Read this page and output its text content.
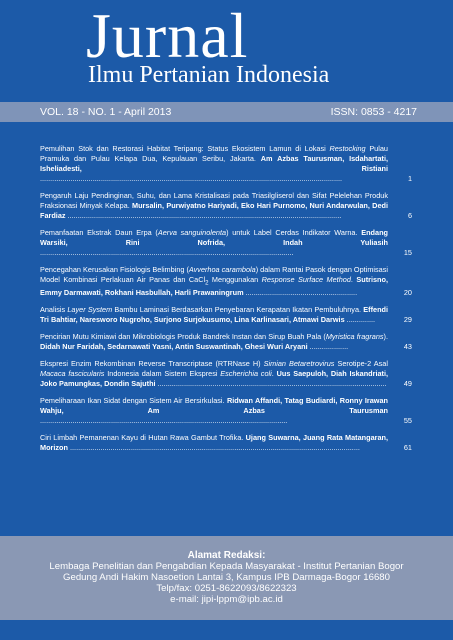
Jurnal
Ilmu Pertanian Indonesia
VOL. 18 - NO. 1 - April 2013	ISSN: 0853 - 4217
Pemulihan Stok dan Restorasi Habitat Teripang: Status Ekosistem Lamun di Lokasi Restocking Pulau Pramuka dan Pulau Kelapa Dua, Kepulauan Seribu, Jakarta. Am Azbas Taurusman, Isdahartati, Isheliadesti, Ristiani .....................................................................................................................................................	1
Pengaruh Laju Pendinginan, Suhu, dan Lama Kristalisasi pada Triasilgliserol dan Sifat Pelelehan Produk Fraksionasi Minyak Kelapa. Mursalin, Purwiyatno Hariyadi, Eko Hari Purnomo, Nuri Andarwulan, Dedi Fardiaz .......................................................................................................................................	6
Pemanfaatan Ekstrak Daun Erpa (Aerva sanguinolenta) untuk Label Cerdas Indikator Warna. Endang Warsiki, Rini Nofrida, Indah Yuliasih .............................................................................................................................	15
Pencegahan Kerusakan Fisiologis Belimbing (Avverhoa carambola) dalam Rantai Pasok dengan Optimisasi Model Kombinasi Perlakuan Air Panas dan CaCl$_2$ Menggunakan Response Surface Method. Sutrisno, Emmy Darmawati, Rokhani Hasbullah, Harli Prawaningrum .......................................................	20
Analisis Layer System Bambu Laminasi Berdasarkan Penyebaran Kerapatan Ikatan Pembuluhnya. Effendi Tri Bahtiar, Naresworo Nugroho, Surjono Surjokusumo, Lina Karlinasari, Atmawi Darwis ..............	29
Pencirian Mutu Kimiawi dan Mikrobiologis Produk Bandrek Instan dan Sirup Buah Pala (Myristica fragrans). Didah Nur Faridah, Sedarnawati Yasni, Antin Suswantinah, Ghesi Wuri Aryani ...................	43
Ekspresi Enzim Rekombinan Reverse Transcriptase (RTRNase H) Simian Betaretrovirus Serotipe-2 Asal Macaca fascicularis Indonesia dalam Sistem Ekspresi Escherichia coli. Uus Saepuloh, Diah Iskandriati, Joko Pamungkas, Dondin Sajuthi .................................................................................................................	49
Pemeliharaan Ikan Sidat dengan Sistem Air Bersirkulasi. Ridwan Affandi, Tatag Budiardi, Ronny Irawan Wahju, Am Azbas Taurusman ..........................................................................................................................	55
Ciri Limbah Pemanenan Kayu di Hutan Rawa Gambut Trofika. Ujang Suwarna, Juang Rata Matangaran, Morizon ...............................................................................................................................................	61
Alamat Redaksi:
Lembaga Penelitian dan Pengabdian Kepada Masyarakat - Institut Pertanian Bogor
Gedung Andi Hakim Nasoetion Lantai 3, Kampus IPB Darmaga-Bogor 16680
Telp/fax: 0251-8622093/8622323
e-mail: jipi-lppm@ipb.ac.id
